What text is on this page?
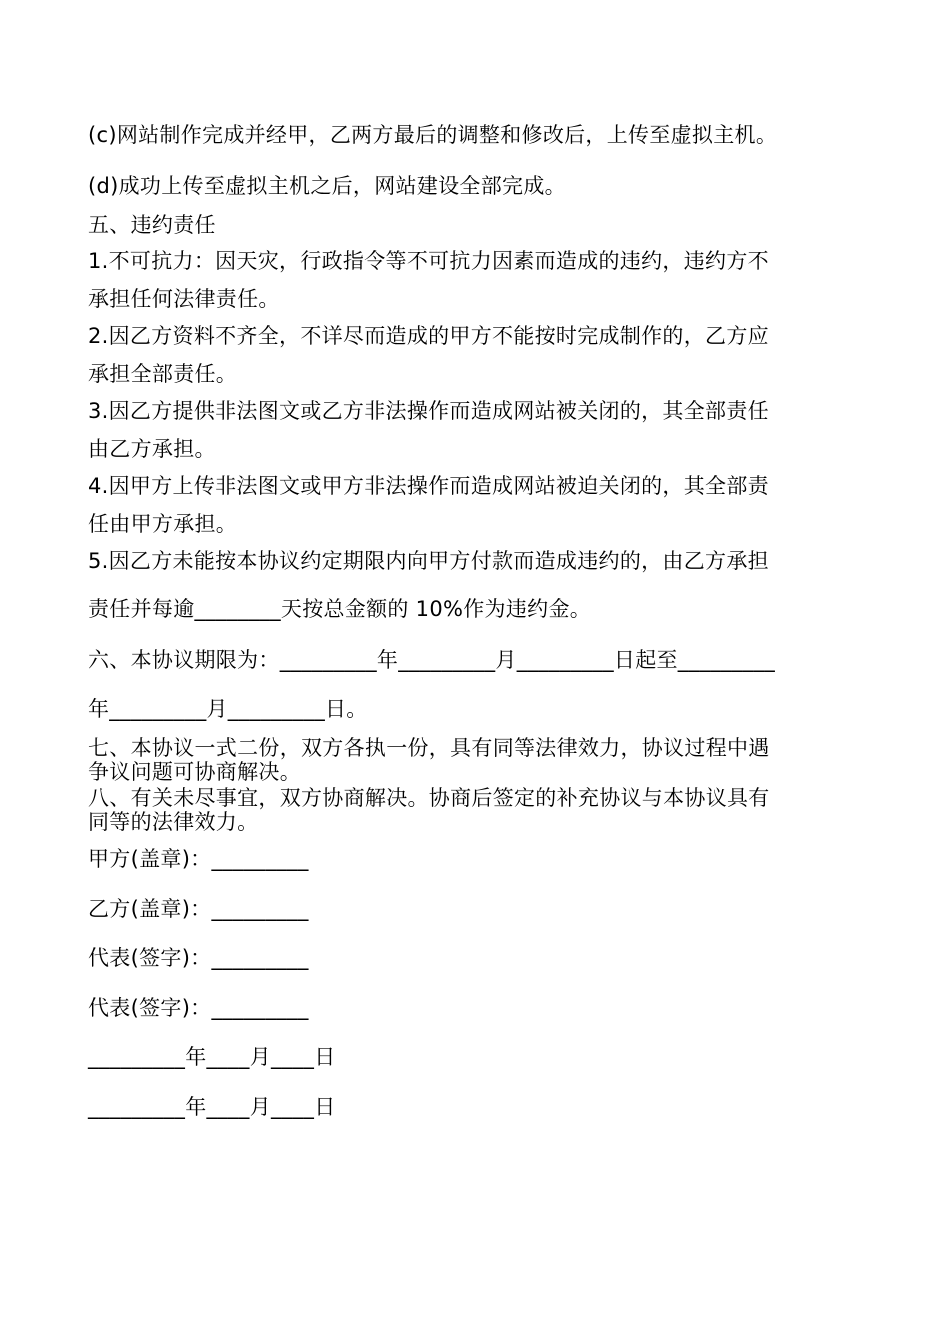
(c)网站制作完成并经甲，乙两方最后的调整和修改后，上传至虚拟主机。
(d)成功上传至虚拟主机之后，网站建设全部完成。
五、违约责任
1.不可抗力：因天灾，行政指令等不可抗力因素而造成的违约，违约方不
承担任何法律责任。
2.因乙方资料不齐全，不详尽而造成的甲方不能按时完成制作的，乙方应
承担全部责任。
3.因乙方提供非法图文或乙方非法操作而造成网站被关闭的，其全部责任
由乙方承担。
4.因甲方上传非法图文或甲方非法操作而造成网站被迫关闭的，其全部责
任由甲方承担。
5.因乙方未能按本协议约定期限内向甲方付款而造成违约的，由乙方承担
责任并每逾________天按总金额的 10%作为违约金。
六、本协议期限为：_________年_________月_________日起至_________
年_________月_________日。
七、本协议一式二份，双方各执一份，具有同等法律效力，协议过程中遇
争议问题可协商解决。
八、有关未尽事宜，双方协商解决。协商后签定的补充协议与本协议具有
同等的法律效力。
甲方(盖章)：_________
乙方(盖章)：_________
代表(签字)：_________
代表(签字)：_________
_________年____月____日
_________年____月____日
